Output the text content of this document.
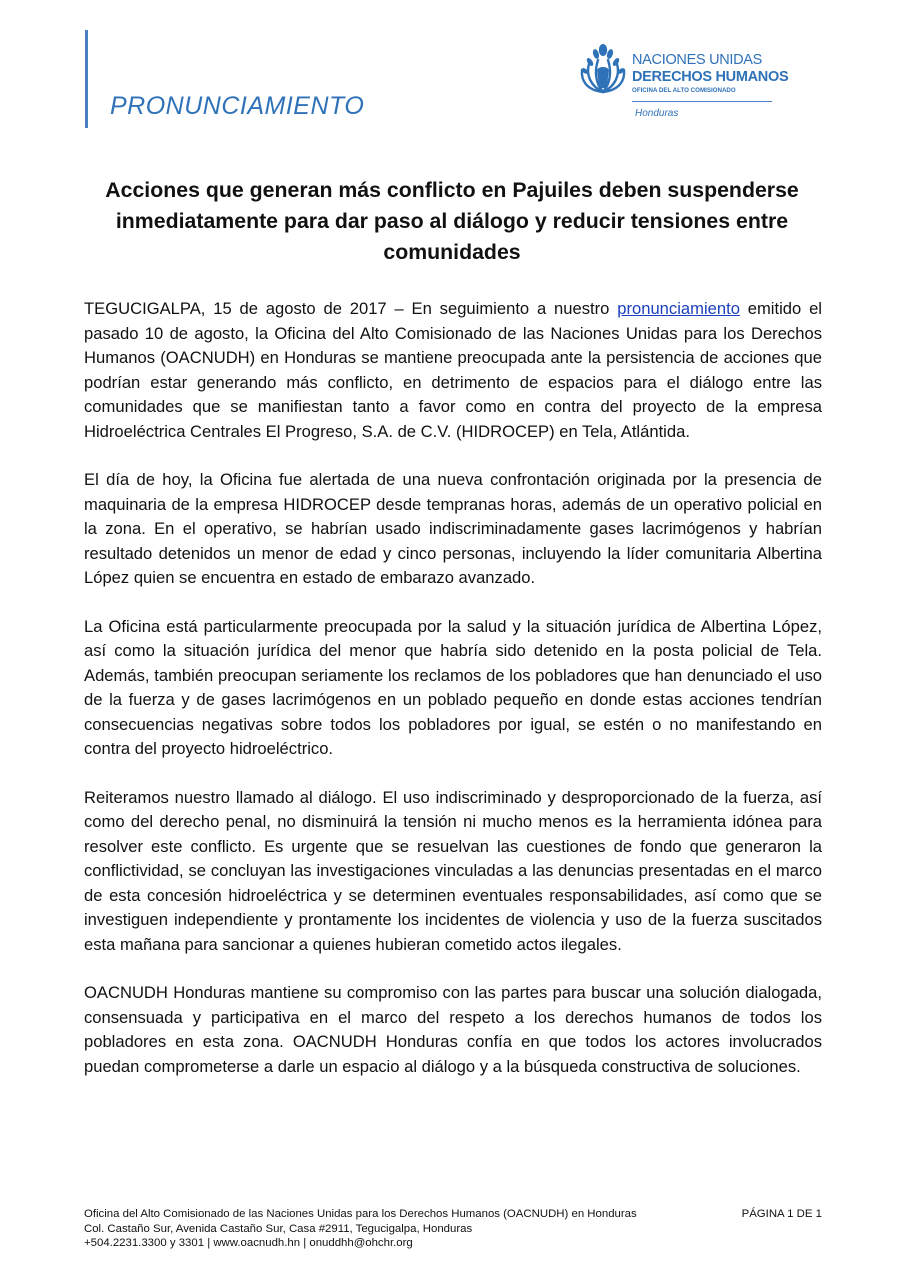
PRONUNCIAMIENTO
NACIONES UNIDAS
DERECHOS HUMANOS
OFICINA DEL ALTO COMISIONADO
Honduras
Acciones que generan más conflicto en Pajuiles deben suspenderse inmediatamente para dar paso al diálogo y reducir tensiones entre comunidades

TEGUCIGALPA, 15 de agosto de 2017 – En seguimiento a nuestro pronunciamiento emitido el pasado 10 de agosto, la Oficina del Alto Comisionado de las Naciones Unidas para los Derechos Humanos (OACNUDH) en Honduras se mantiene preocupada ante la persistencia de acciones que podrían estar generando más conflicto, en detrimento de espacios para el diálogo entre las comunidades que se manifiestan tanto a favor como en contra del proyecto de la empresa Hidroeléctrica Centrales El Progreso, S.A. de C.V. (HIDROCEP) en Tela, Atlántida.

El día de hoy, la Oficina fue alertada de una nueva confrontación originada por la presencia de maquinaria de la empresa HIDROCEP desde tempranas horas, además de un operativo policial en la zona. En el operativo, se habrían usado indiscriminadamente gases lacrimógenos y habrían resultado detenidos un menor de edad y cinco personas, incluyendo la líder comunitaria Albertina López quien se encuentra en estado de embarazo avanzado.

La Oficina está particularmente preocupada por la salud y la situación jurídica de Albertina López, así como la situación jurídica del menor que habría sido detenido en la posta policial de Tela. Además, también preocupan seriamente los reclamos de los pobladores que han denunciado el uso de la fuerza y de gases lacrimógenos en un poblado pequeño en donde estas acciones tendrían consecuencias negativas sobre todos los pobladores por igual, se estén o no manifestando en contra del proyecto hidroeléctrico.

Reiteramos nuestro llamado al diálogo. El uso indiscriminado y desproporcionado de la fuerza, así como del derecho penal, no disminuirá la tensión ni mucho menos es la herramienta idónea para resolver este conflicto. Es urgente que se resuelvan las cuestiones de fondo que generaron la conflictividad, se concluyan las investigaciones vinculadas a las denuncias presentadas en el marco de esta concesión hidroeléctrica y se determinen eventuales responsabilidades, así como que se investiguen independiente y prontamente los incidentes de violencia y uso de la fuerza suscitados esta mañana para sancionar a quienes hubieran cometido actos ilegales.

OACNUDH Honduras mantiene su compromiso con las partes para buscar una solución dialogada, consensuada y participativa en el marco del respeto a los derechos humanos de todos los pobladores en esta zona. OACNUDH Honduras confía en que todos los actores involucrados puedan comprometerse a darle un espacio al diálogo y a la búsqueda constructiva de soluciones.

Oficina del Alto Comisionado de las Naciones Unidas para los Derechos Humanos (OACNUDH) en Honduras
Col. Castaño Sur, Avenida Castaño Sur, Casa #2911, Tegucigalpa, Honduras
+504.2231.3300 y 3301 | www.oacnudh.hn | onuddhh@ohchr.org
PÁGINA 1 DE 1
